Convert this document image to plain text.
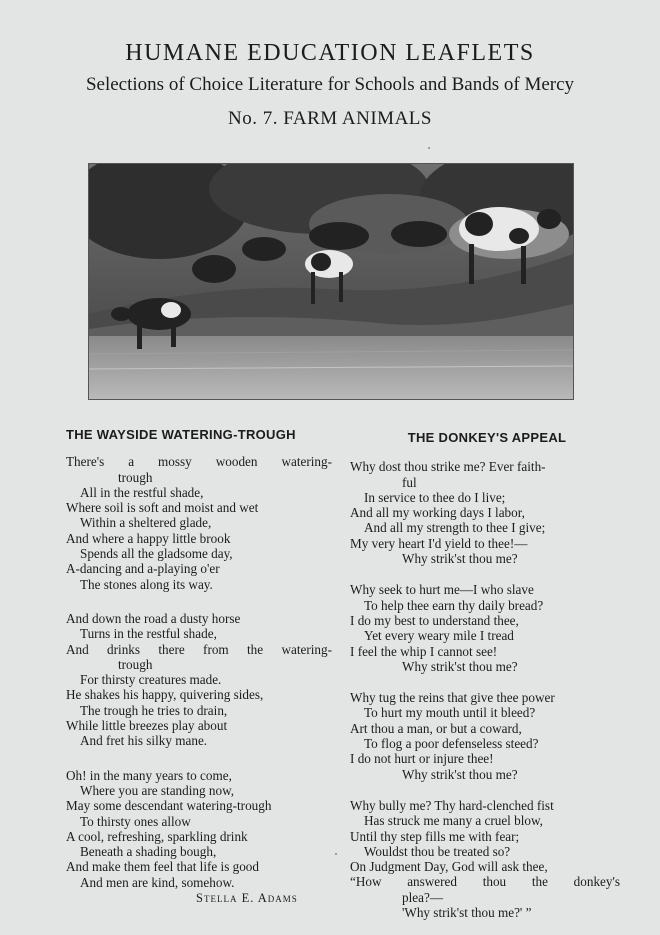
HUMANE EDUCATION LEAFLETS
Selections of Choice Literature for Schools and Bands of Mercy
No. 7. FARM ANIMALS
THE WAYSIDE WATERING-TROUGH
There's a mossy wooden watering-
trough
All in the restful shade,
Where soil is soft and moist and wet
Within a sheltered glade,
And where a happy little brook
Spends all the gladsome day,
A-dancing and a-playing o'er
The stones along its way.
And down the road a dusty horse
Turns in the restful shade,
And drinks there from the watering-
trough
For thirsty creatures made.
He shakes his happy, quivering sides,
The trough he tries to drain,
While little breezes play about
And fret his silky mane.
Oh! in the many years to come,
Where you are standing now,
May some descendant watering-trough
To thirsty ones allow
A cool, refreshing, sparkling drink
Beneath a shading bough,
And make them feel that life is good
And men are kind, somehow.
Stella E. Adams
THE DONKEY'S APPEAL
Why dost thou strike me? Ever faith-
ful
In service to thee do I live;
And all my working days I labor,
And all my strength to thee I give;
My very heart I'd yield to thee!—
Why strik'st thou me?
Why seek to hurt me—I who slave
To help thee earn thy daily bread?
I do my best to understand thee,
Yet every weary mile I tread
I feel the whip I cannot see!
Why strik'st thou me?
Why tug the reins that give thee power
To hurt my mouth until it bleed?
Art thou a man, or but a coward,
To flog a poor defenseless steed?
I do not hurt or injure thee!
Why strik'st thou me?
Why bully me? Thy hard-clenched fist
Has struck me many a cruel blow,
Until thy step fills me with fear;
Wouldst thou be treated so?
On Judgment Day, God will ask thee,
“How answered thou the donkey's
plea?—
'Why strik'st thou me?' ”
